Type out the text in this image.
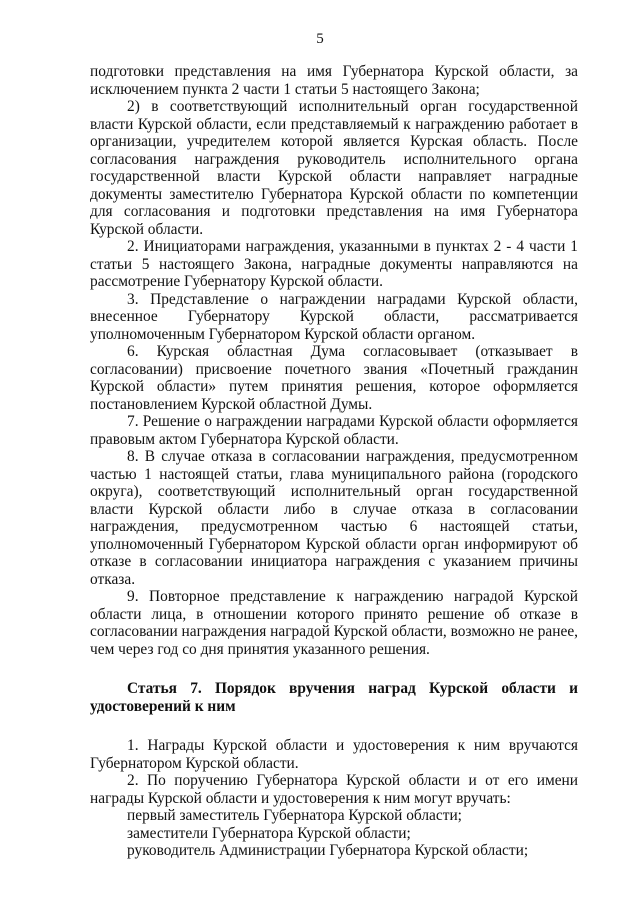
5

подготовки представления на имя Губернатора Курской области, за исключением пункта 2 части 1 статьи 5 настоящего Закона;

2) в соответствующий исполнительный орган государственной власти Курской области, если представляемый к награждению работает в организации, учредителем которой является Курская область. После согласования награждения руководитель исполнительного органа государственной власти Курской области направляет наградные документы заместителю Губернатора Курской области по компетенции для согласования и подготовки представления на имя Губернатора Курской области.

2. Инициаторами награждения, указанными в пунктах 2 - 4 части 1 статьи 5 настоящего Закона, наградные документы направляются на рассмотрение Губернатору Курской области.

3. Представление о награждении наградами Курской области, внесенное Губернатору Курской области, рассматривается уполномоченным Губернатором Курской области органом.

6. Курская областная Дума согласовывает (отказывает в согласовании) присвоение почетного звания «Почетный гражданин Курской области» путем принятия решения, которое оформляется постановлением Курской областной Думы.

7. Решение о награждении наградами Курской области оформляется правовым актом Губернатора Курской области.

8. В случае отказа в согласовании награждения, предусмотренном частью 1 настоящей статьи, глава муниципального района (городского округа), соответствующий исполнительный орган государственной власти Курской области либо в случае отказа в согласовании награждения, предусмотренном частью 6 настоящей статьи, уполномоченный Губернатором Курской области орган информируют об отказе в согласовании инициатора награждения с указанием причины отказа.

9. Повторное представление к награждению наградой Курской области лица, в отношении которого принято решение об отказе в согласовании награждения наградой Курской области, возможно не ранее, чем через год со дня принятия указанного решения.

Статья 7. Порядок вручения наград Курской области и удостоверений к ним

1. Награды Курской области и удостоверения к ним вручаются Губернатором Курской области.

2. По поручению Губернатора Курской области и от его имени награды Курской области и удостоверения к ним могут вручать:

первый заместитель Губернатора Курской области;

заместители Губернатора Курской области;

руководитель Администрации Губернатора Курской области;
